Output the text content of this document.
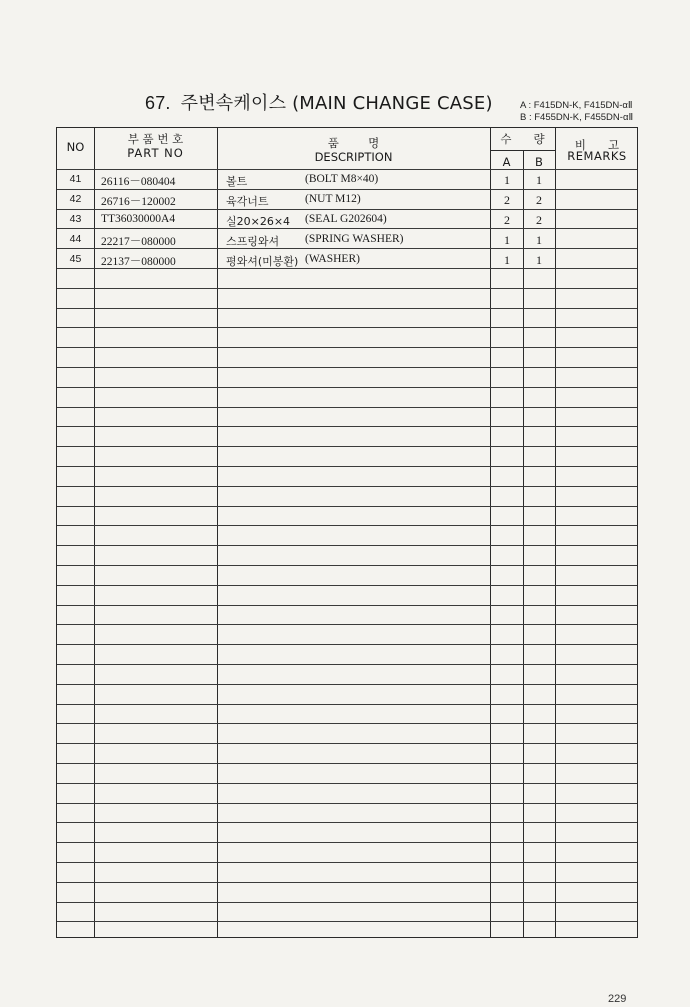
67. 주변속케이스 (MAIN CHANGE CASE)	A : F415DN-K, F415DN-αⅡ
B : F455DN-K, F455DN-αⅡ
NO
부 품 번 호
PART NO
품        명
DESCRIPTION
수      량
A	B
비      고
REMARKS
41	26116－080404	볼트	(BOLT M8×40)	1	1
42	26716－120002	육각너트	(NUT M12)	2	2
43	TT36030000A4	실20×26×4 (SEAL G202604)	2	2
44	22217－080000	스프링와셔 (SPRING WASHER)	1	1
45	22137－080000	평와셔(미봉환) (WASHER)	1	1
229
